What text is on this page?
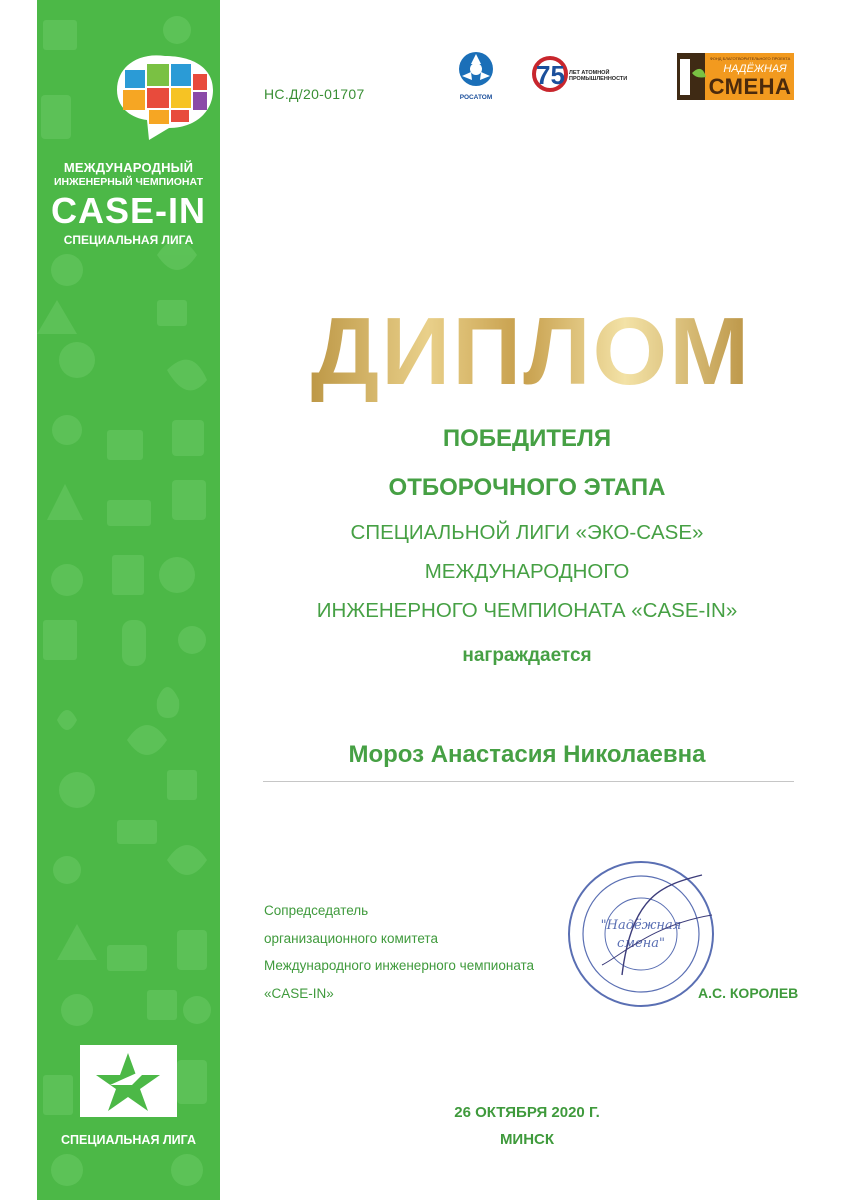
МЕЖДУНАРОДНЫЙ
ИНЖЕНЕРНЫЙ ЧЕМПИОНАТ
CASE-IN
СПЕЦИАЛЬНАЯ ЛИГА
СПЕЦИАЛЬНАЯ ЛИГА
НС.Д/20-01707	РОСАТОМ
75 ЛЕТ АТОМНОЙ ПРОМЫШЛЕННОСТИ
ФОНД БЛАГОТВОРИТЕЛЬНОГО ПРОЕКТА
НАДЁЖНАЯ
СМЕНА
ДИПЛОМ
ПОБЕДИТЕЛЯ
ОТБОРОЧНОГО ЭТАПА
СПЕЦИАЛЬНОЙ ЛИГИ «ЭКО-CASE»
МЕЖДУНАРОДНОГО
ИНЖЕНЕРНОГО ЧЕМПИОНАТА «CASE-IN»
награждается
Мороз Анастасия Николаевна
Сопредседатель
организационного комитета
Международного инженерного чемпионата
«CASE-IN»
"Надёжная
смена"
А.С. КОРОЛЕВ
26 ОКТЯБРЯ 2020 Г.
МИНСК
